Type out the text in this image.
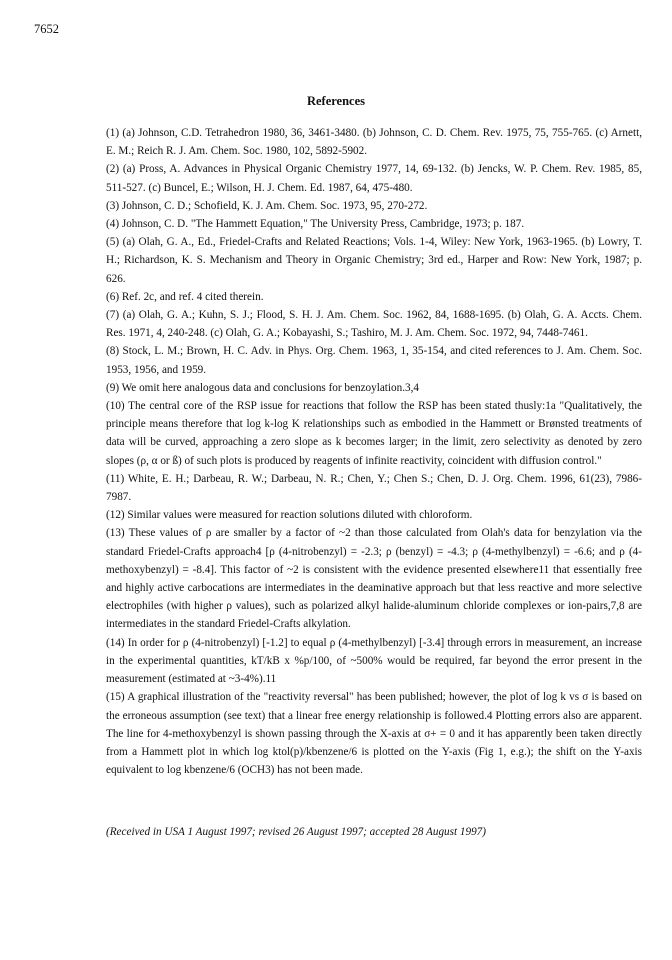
7652
References

(1) (a) Johnson, C.D. Tetrahedron 1980, 36, 3461-3480. (b) Johnson, C. D. Chem. Rev. 1975, 75, 755-765. (c) Arnett, E. M.; Reich R. J. Am. Chem. Soc. 1980, 102, 5892-5902.

(2) (a) Pross, A. Advances in Physical Organic Chemistry 1977, 14, 69-132. (b) Jencks, W. P. Chem. Rev. 1985, 85, 511-527. (c) Buncel, E.; Wilson, H. J. Chem. Ed. 1987, 64, 475-480.

(3) Johnson, C. D.; Schofield, K. J. Am. Chem. Soc. 1973, 95, 270-272.

(4) Johnson, C. D. "The Hammett Equation," The University Press, Cambridge, 1973; p. 187.

(5) (a) Olah, G. A., Ed., Friedel-Crafts and Related Reactions; Vols. 1-4, Wiley: New York, 1963-1965. (b) Lowry, T. H.; Richardson, K. S. Mechanism and Theory in Organic Chemistry; 3rd ed., Harper and Row: New York, 1987; p. 626.

(6) Ref. 2c, and ref. 4 cited therein.

(7) (a) Olah, G. A.; Kuhn, S. J.; Flood, S. H. J. Am. Chem. Soc. 1962, 84, 1688-1695. (b) Olah, G. A. Accts. Chem. Res. 1971, 4, 240-248. (c) Olah, G. A.; Kobayashi, S.; Tashiro, M. J. Am. Chem. Soc. 1972, 94, 7448-7461.

(8) Stock, L. M.; Brown, H. C. Adv. in Phys. Org. Chem. 1963, 1, 35-154, and cited references to J. Am. Chem. Soc. 1953, 1956, and 1959.

(9) We omit here analogous data and conclusions for benzoylation.3,4

(10) The central core of the RSP issue for reactions that follow the RSP has been stated thusly:1a "Qualitatively, the principle means therefore that log k-log K relationships such as embodied in the Hammett or Brønsted treatments of data will be curved, approaching a zero slope as k becomes larger; in the limit, zero selectivity as denoted by zero slopes (ρ, α or ß) of such plots is produced by reagents of infinite reactivity, coincident with diffusion control."

(11) White, E. H.; Darbeau, R. W.; Darbeau, N. R.; Chen, Y.; Chen S.; Chen, D. J. Org. Chem. 1996, 61(23), 7986-7987.

(12) Similar values were measured for reaction solutions diluted with chloroform.

(13) These values of ρ are smaller by a factor of ~2 than those calculated from Olah's data for benzylation via the standard Friedel-Crafts approach4 [ρ (4-nitrobenzyl) = -2.3; ρ (benzyl) = -4.3; ρ (4-methylbenzyl) = -6.6; and ρ (4-methoxybenzyl) = -8.4]. This factor of ~2 is consistent with the evidence presented elsewhere11 that essentially free and highly active carbocations are intermediates in the deaminative approach but that less reactive and more selective electrophiles (with higher ρ values), such as polarized alkyl halide-aluminum chloride complexes or ion-pairs,7,8 are intermediates in the standard Friedel-Crafts alkylation.

(14) In order for ρ (4-nitrobenzyl) [-1.2] to equal ρ (4-methylbenzyl) [-3.4] through errors in measurement, an increase in the experimental quantities, kT/kB x %p/100, of ~500% would be required, far beyond the error present in the measurement (estimated at ~3-4%).11

(15) A graphical illustration of the "reactivity reversal" has been published; however, the plot of log k vs σ is based on the erroneous assumption (see text) that a linear free energy relationship is followed.4 Plotting errors also are apparent. The line for 4-methoxybenzyl is shown passing through the X-axis at σ+ = 0 and it has apparently been taken directly from a Hammett plot in which log ktol(p)/kbenzene/6 is plotted on the Y-axis (Fig 1, e.g.); the shift on the Y-axis equivalent to log kbenzene/6 (OCH3) has not been made.

(Received in USA 1 August 1997; revised 26 August 1997; accepted 28 August 1997)
